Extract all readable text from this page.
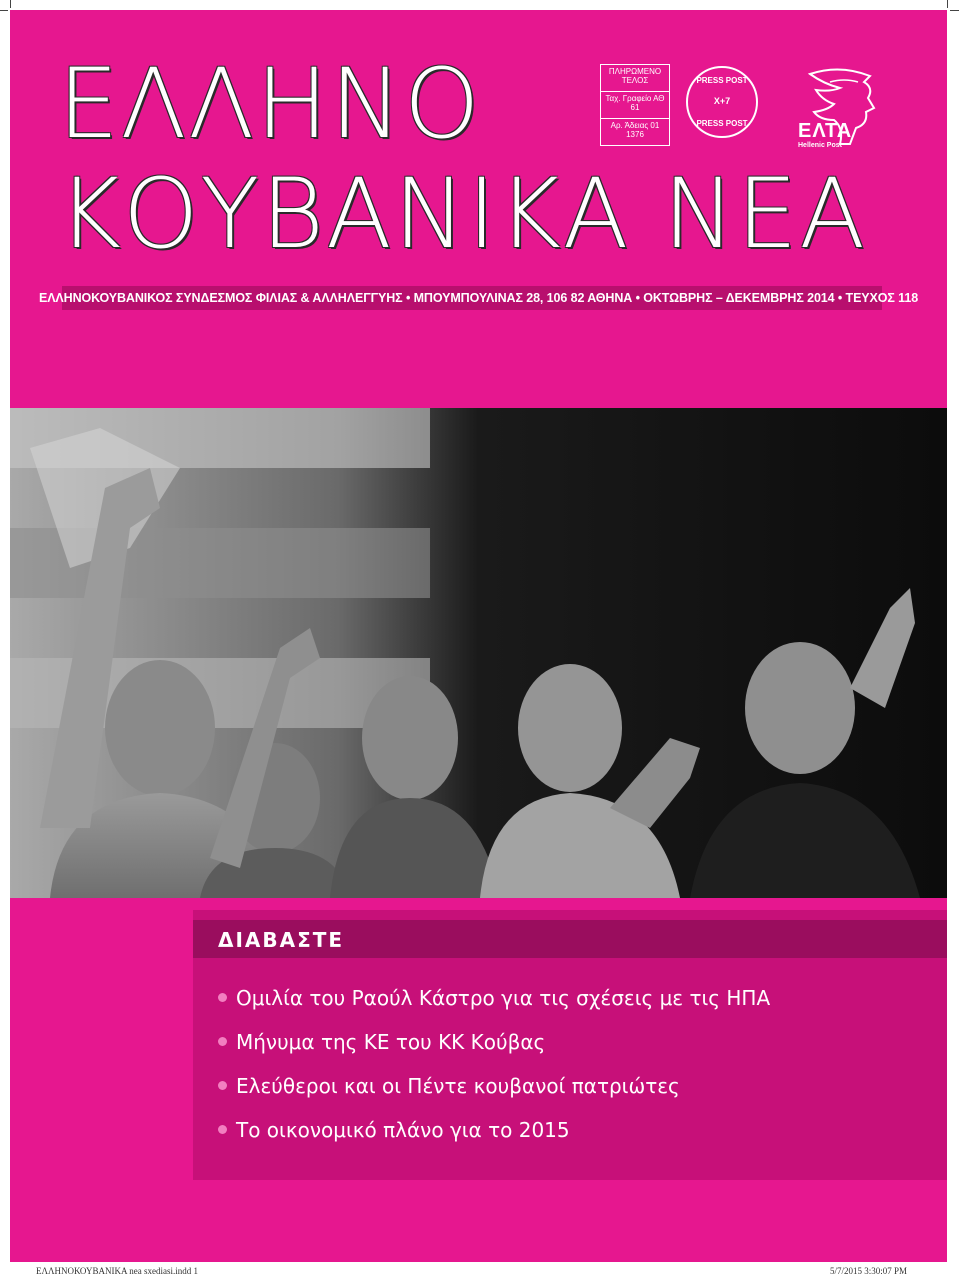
ΕΛΛΗΝΟ
ΚΟΥΒΑΝΙΚΑ ΝΕΑ
ΠΛΗΡΩΜΕΝΟ ΤΕΛΟΣ
Ταχ. Γραφείο ΑΘ 61
Αρ. Άδειας 01 1376
PRESS POST
X+7
PRESS POST	ΕΛΤΑ
Hellenic Post
ΕΛΛΗΝΟΚΟΥΒΑΝΙΚΟΣ ΣΥΝΔΕΣΜΟΣ ΦΙΛΙΑΣ & ΑΛΛΗΛΕΓΓΥΗΣ • ΜΠΟΥΜΠΟΥΛΙΝΑΣ 28, 106 82 ΑΘΗΝΑ • ΟΚΤΩΒΡΗΣ – ΔΕΚΕΜΒΡΗΣ 2014 • ΤΕΥΧΟΣ 118
ΔΙΑΒΑΣΤΕ
Ομιλία του Ραούλ Κάστρο για τις σχέσεις με τις ΗΠΑ
Μήνυμα της ΚΕ του ΚΚ Κούβας
Ελεύθεροι και οι Πέντε κουβανοί πατριώτες
Το οικονομικό πλάνο για το 2015
ΕΛΛΗΝΟΚΟΥΒΑΝΙΚΑ nea sxediasi.indd 1	5/7/2015 3:30:07 PM
